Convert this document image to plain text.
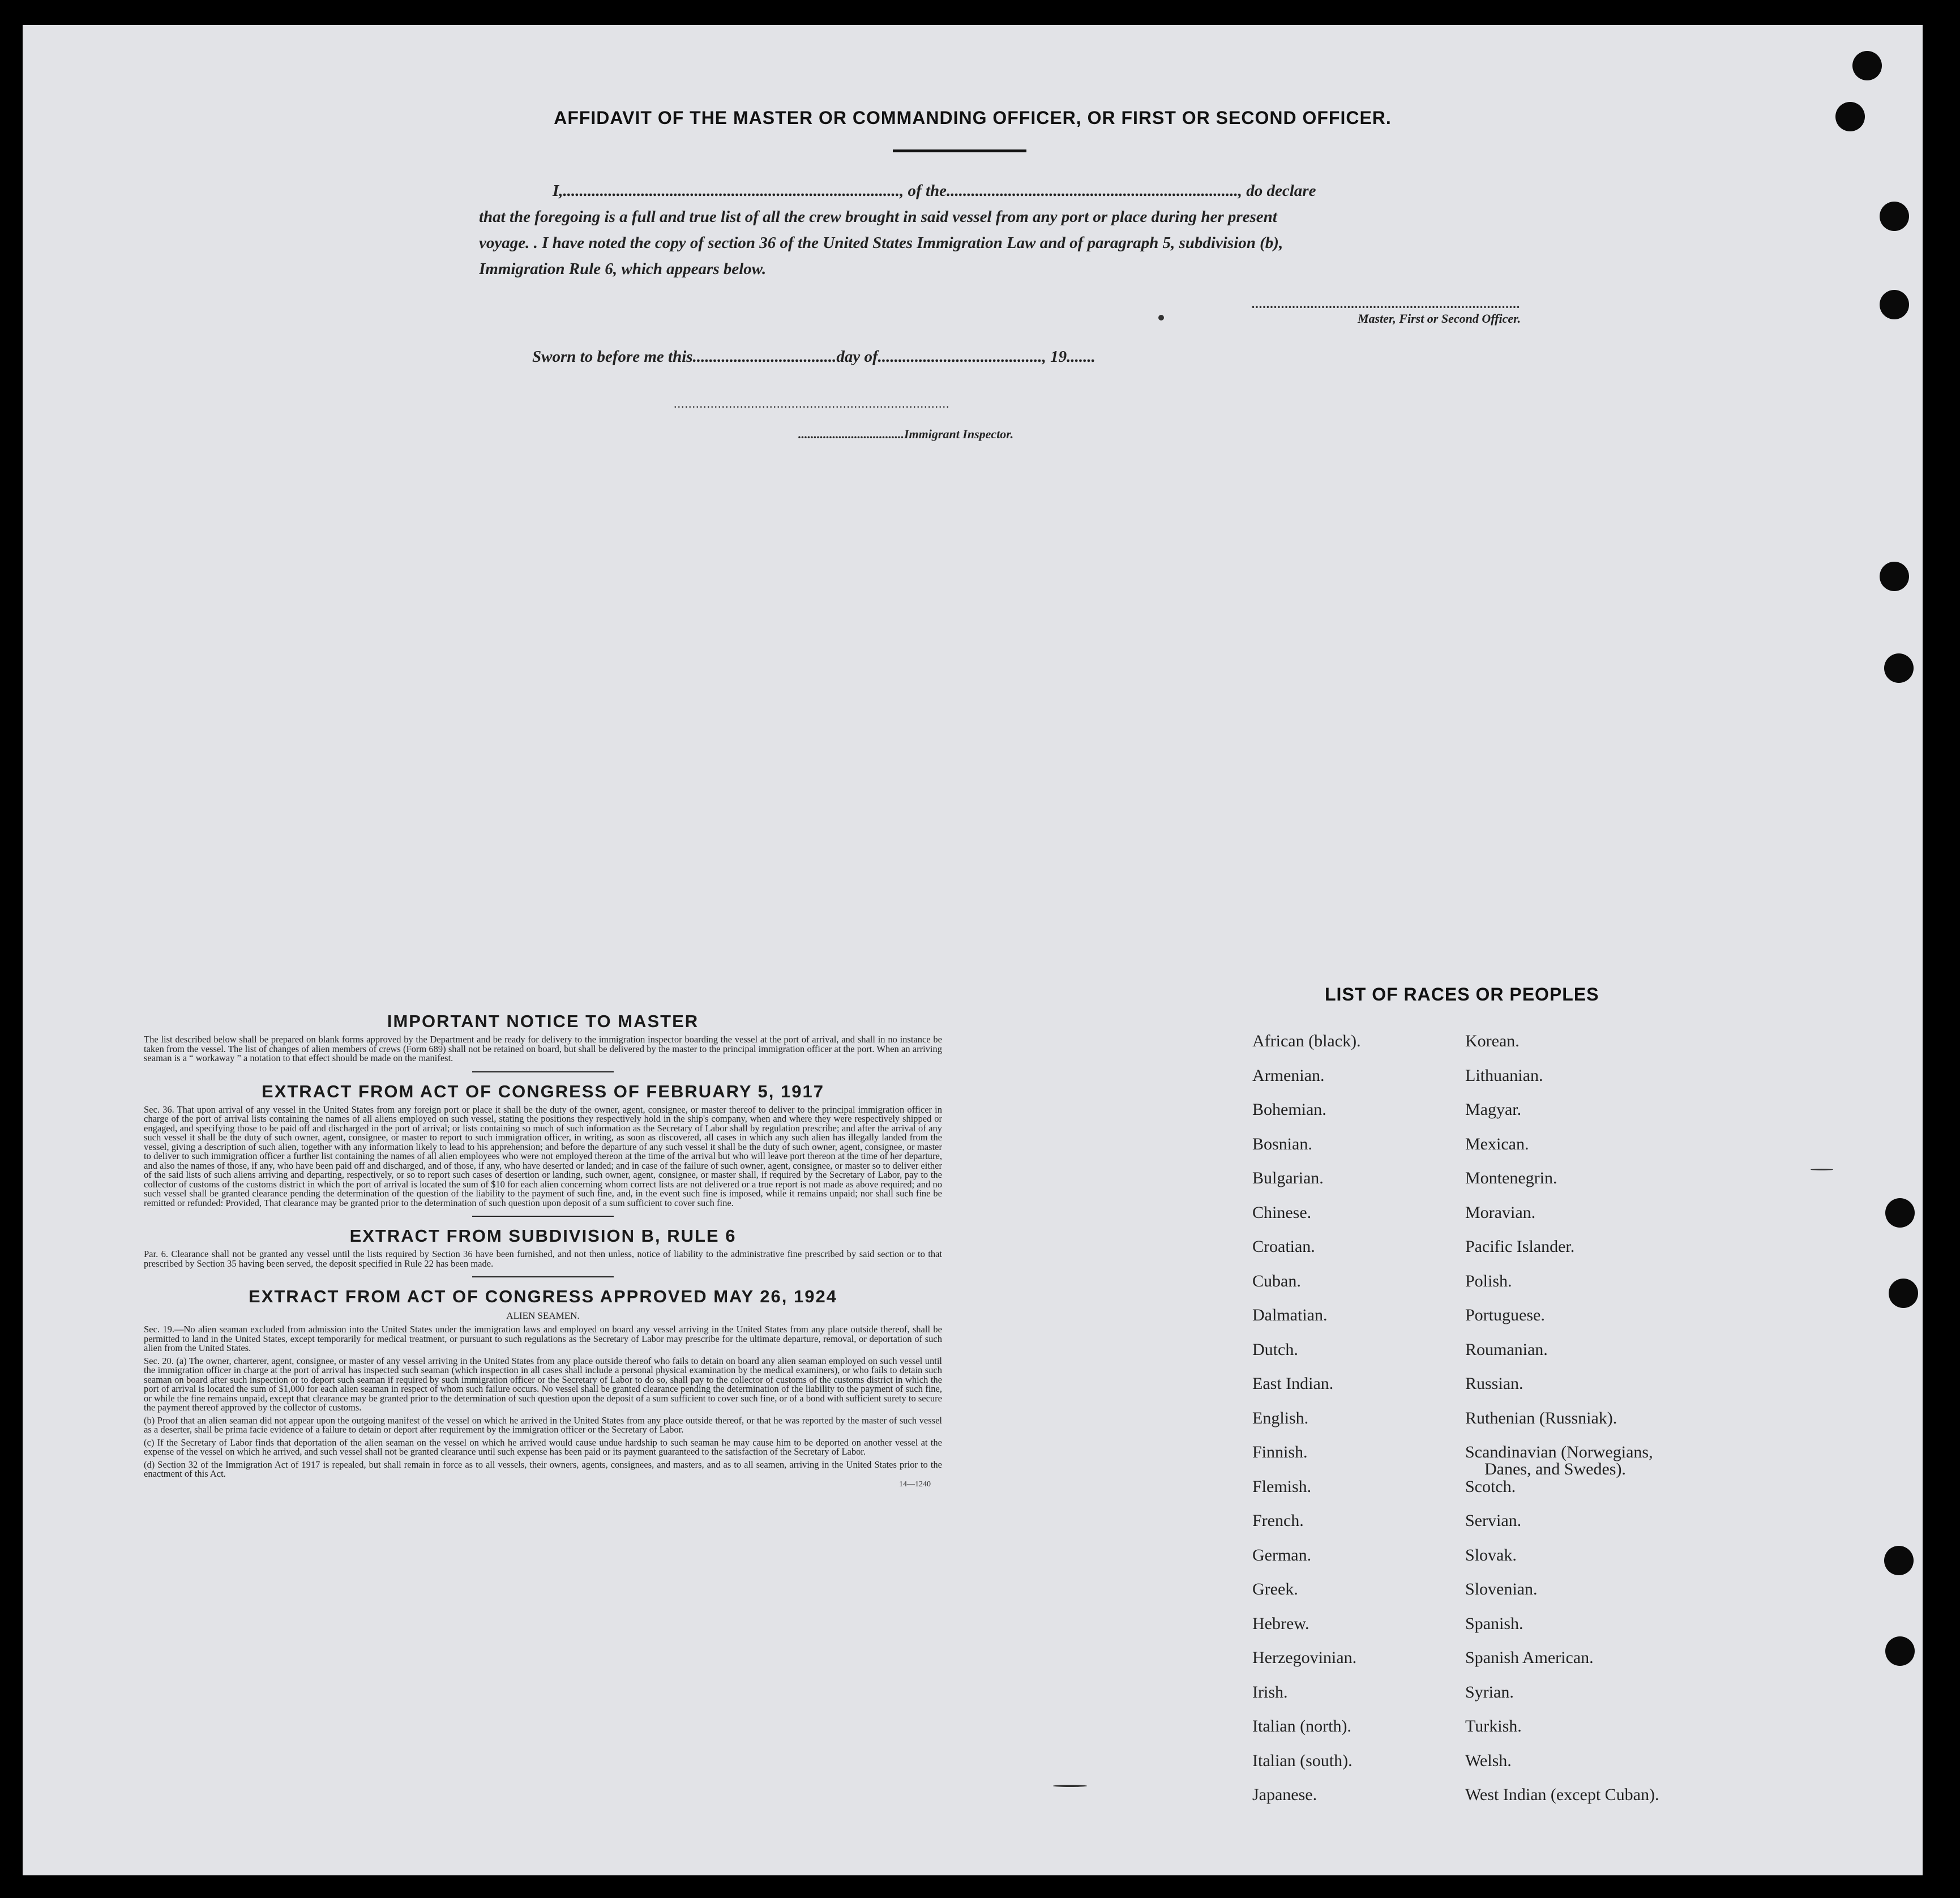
AFFIDAVIT OF THE MASTER OR COMMANDING OFFICER, OR FIRST OR SECOND OFFICER.
I,.................................................................................., of the......................................................................., do declare
that the foregoing is a full and true list of all the crew brought in said vessel from any port or place during her present
voyage. . I have noted the copy of section 36 of the United States Immigration Law and of paragraph 5, subdivision (b),
Immigration Rule 6, which appears below.
.........................................................................
Master, First or Second Officer.
Sworn to before me this...................................day of........................................, 19.......
...........................................................................
..................................Immigrant Inspector.
IMPORTANT NOTICE TO MASTER
The list described below shall be prepared on blank forms approved by the Department and be ready for delivery to the immigration inspector boarding the vessel at the port of arrival, and shall in no instance be taken from the vessel. The list of changes of alien members of crews (Form 689) shall not be retained on board, but shall be delivered by the master to the principal immigration officer at the port. When an arriving seaman is a “ workaway ” a notation to that effect should be made on the manifest.
EXTRACT FROM ACT OF CONGRESS OF FEBRUARY 5, 1917
Sec. 36. That upon arrival of any vessel in the United States from any foreign port or place it shall be the duty of the owner, agent, consignee, or master thereof to deliver to the principal immigration officer in charge of the port of arrival lists containing the names of all aliens employed on such vessel, stating the positions they respectively hold in the ship's company, when and where they were respectively shipped or engaged, and specifying those to be paid off and discharged in the port of arrival; or lists containing so much of such information as the Secretary of Labor shall by regulation prescribe; and after the arrival of any such vessel it shall be the duty of such owner, agent, consignee, or master to report to such immigration officer, in writing, as soon as discovered, all cases in which any such alien has illegally landed from the vessel, giving a description of such alien, together with any information likely to lead to his apprehension; and before the departure of any such vessel it shall be the duty of such owner, agent, consignee, or master to deliver to such immigration officer a further list containing the names of all alien employees who were not employed thereon at the time of the arrival but who will leave port thereon at the time of her departure, and also the names of those, if any, who have been paid off and discharged, and of those, if any, who have deserted or landed; and in case of the failure of such owner, agent, consignee, or master so to deliver either of the said lists of such aliens arriving and departing, respectively, or so to report such cases of desertion or landing, such owner, agent, consignee, or master shall, if required by the Secretary of Labor, pay to the collector of customs of the customs district in which the port of arrival is located the sum of $10 for each alien concerning whom correct lists are not delivered or a true report is not made as above required; and no such vessel shall be granted clearance pending the determination of the question of the liability to the payment of such fine, and, in the event such fine is imposed, while it remains unpaid; nor shall such fine be remitted or refunded: Provided, That clearance may be granted prior to the determination of such question upon deposit of a sum sufficient to cover such fine.
EXTRACT FROM SUBDIVISION B, RULE 6
Par. 6. Clearance shall not be granted any vessel until the lists required by Section 36 have been furnished, and not then unless, notice of liability to the administrative fine prescribed by said section or to that prescribed by Section 35 having been served, the deposit specified in Rule 22 has been made.
EXTRACT FROM ACT OF CONGRESS APPROVED MAY 26, 1924
ALIEN SEAMEN.
Sec. 19.—No alien seaman excluded from admission into the United States under the immigration laws and employed on board any vessel arriving in the United States from any place outside thereof, shall be permitted to land in the United States, except temporarily for medical treatment, or pursuant to such regulations as the Secretary of Labor may prescribe for the ultimate departure, removal, or deportation of such alien from the United States.
Sec. 20. (a) The owner, charterer, agent, consignee, or master of any vessel arriving in the United States from any place outside thereof who fails to detain on board any alien seaman employed on such vessel until the immigration officer in charge at the port of arrival has inspected such seaman (which inspection in all cases shall include a personal physical examination by the medical examiners), or who fails to detain such seaman on board after such inspection or to deport such seaman if required by such immigration officer or the Secretary of Labor to do so, shall pay to the collector of customs of the customs district in which the port of arrival is located the sum of $1,000 for each alien seaman in respect of whom such failure occurs. No vessel shall be granted clearance pending the determination of the liability to the payment of such fine, or while the fine remains unpaid, except that clearance may be granted prior to the determination of such question upon the deposit of a sum sufficient to cover such fine, or of a bond with sufficient surety to secure the payment thereof approved by the collector of customs.
(b) Proof that an alien seaman did not appear upon the outgoing manifest of the vessel on which he arrived in the United States from any place outside thereof, or that he was reported by the master of such vessel as a deserter, shall be prima facie evidence of a failure to detain or deport after requirement by the immigration officer or the Secretary of Labor.
(c) If the Secretary of Labor finds that deportation of the alien seaman on the vessel on which he arrived would cause undue hardship to such seaman he may cause him to be deported on another vessel at the expense of the vessel on which he arrived, and such vessel shall not be granted clearance until such expense has been paid or its payment guaranteed to the satisfaction of the Secretary of Labor.
(d) Section 32 of the Immigration Act of 1917 is repealed, but shall remain in force as to all vessels, their owners, agents, consignees, and masters, and as to all seamen, arriving in the United States prior to the enactment of this Act.
14—1240
LIST OF RACES OR PEOPLES
African (black).
Armenian.
Bohemian.
Bosnian.
Bulgarian.
Chinese.
Croatian.
Cuban.
Dalmatian.
Dutch.
East Indian.
English.
Finnish.
Flemish.
French.
German.
Greek.
Hebrew.
Herzegovinian.
Irish.
Italian (north).
Italian (south).
Japanese.
Korean.
Lithuanian.
Magyar.
Mexican.
Montenegrin.
Moravian.
Pacific Islander.
Polish.
Portuguese.
Roumanian.
Russian.
Ruthenian (Russniak).
Scandinavian (Norwegians,
Danes, and Swedes).
Scotch.
Servian.
Slovak.
Slovenian.
Spanish.
Spanish American.
Syrian.
Turkish.
Welsh.
West Indian (except Cuban).
